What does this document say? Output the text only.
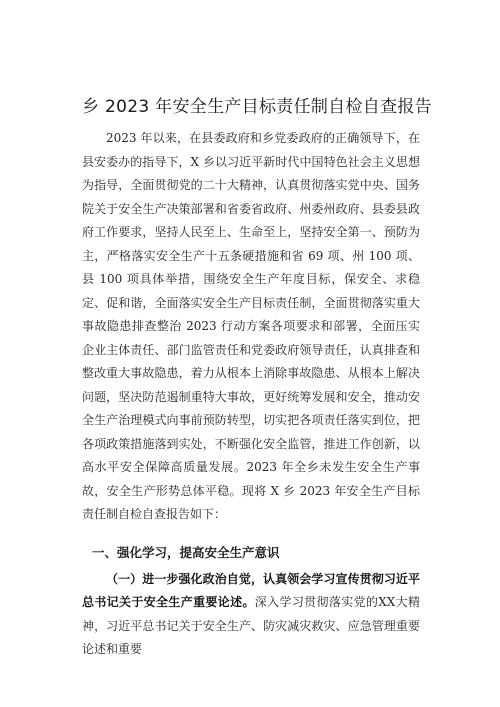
乡 2023 年安全生产目标责任制自检自查报告

2023 年以来，在县委政府和乡党委政府的正确领导下，在县安委办的指导下，X 乡以习近平新时代中国特色社会主义思想为指导，全面贯彻党的二十大精神，认真贯彻落实党中央、国务院关于安全生产决策部署和省委省政府、州委州政府、县委县政府工作要求，坚持人民至上、生命至上，坚持安全第一、预防为主，严格落实安全生产十五条硬措施和省 69 项、州 100 项、县 100 项具体举措，围绕安全生产年度目标，保安全、求稳定、促和谐，全面落实安全生产目标责任制，全面贯彻落实重大事故隐患排查整治 2023 行动方案各项要求和部署，全面压实企业主体责任、部门监管责任和党委政府领导责任，认真排查和整改重大事故隐患，着力从根本上消除事故隐患、从根本上解决问题，坚决防范遏制重特大事故，更好统筹发展和安全，推动安全生产治理模式向事前预防转型，切实把各项责任落实到位，把各项政策措施落到实处，不断强化安全监管，推进工作创新，以高水平安全保障高质量发展。2023 年全乡未发生安全生产事故，安全生产形势总体平稳。现将 X 乡 2023 年安全生产目标责任制自检自查报告如下：

一、强化学习，提高安全生产意识

（一）进一步强化政治自觉，认真领会学习宣传贯彻习近平总书记关于安全生产重要论述。深入学习贯彻落实党的XX大精神，习近平总书记关于安全生产、防灾减灾救灾、应急管理重要论述和重要
